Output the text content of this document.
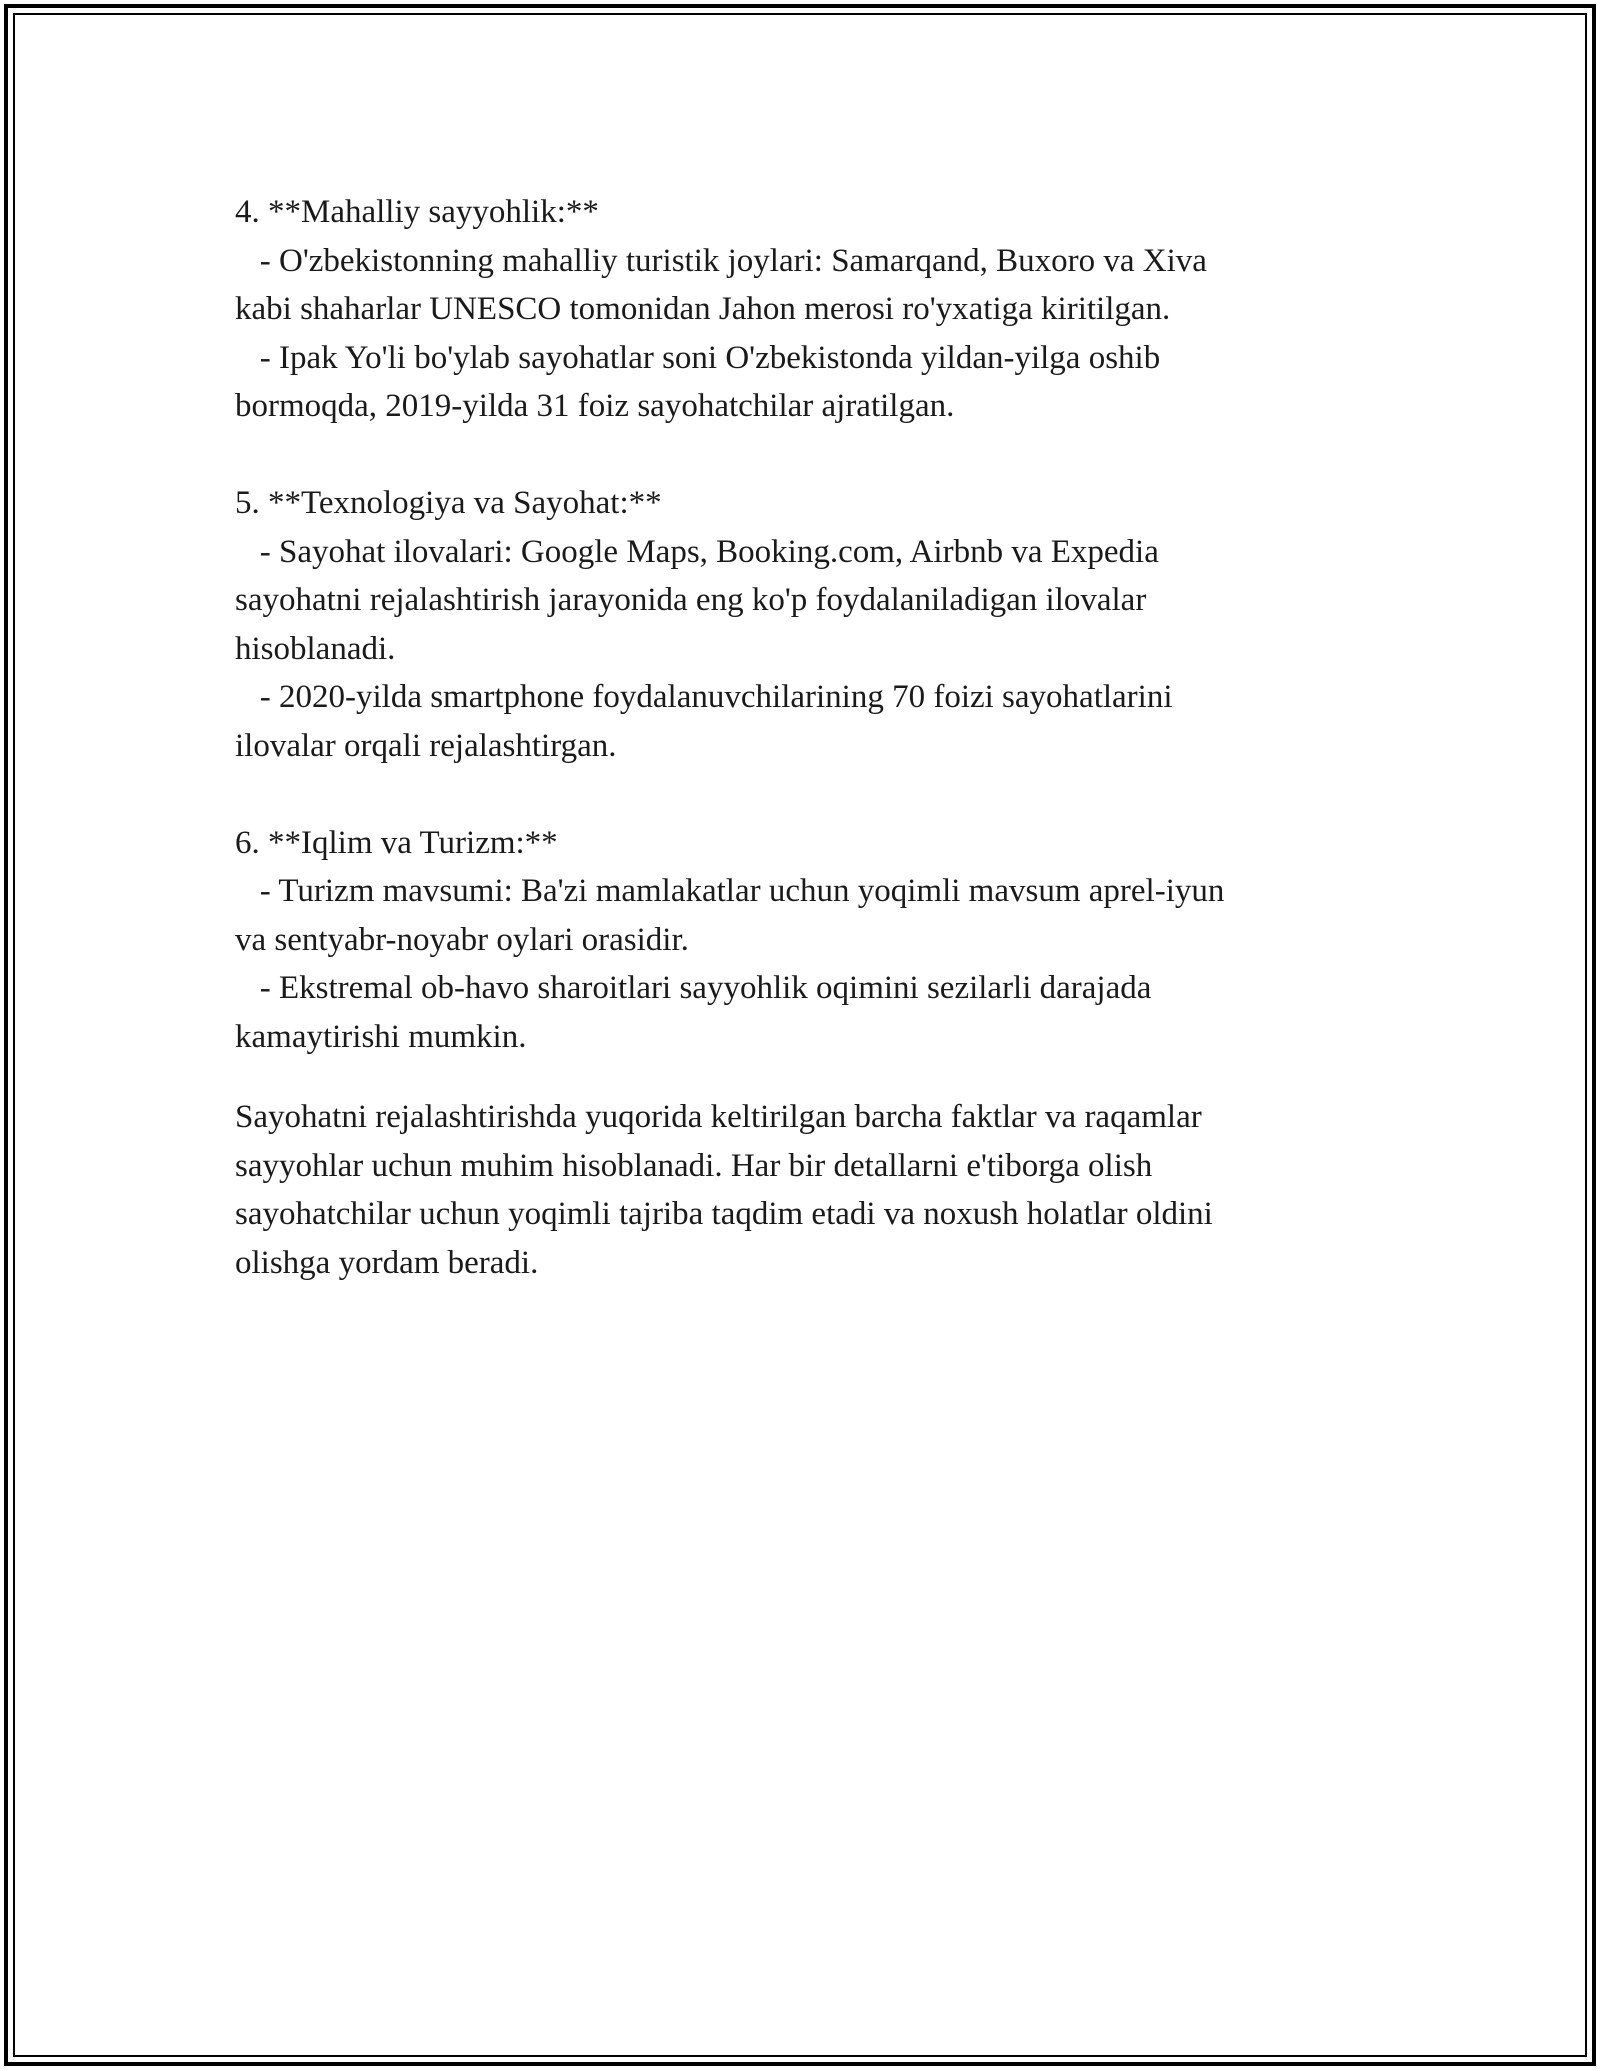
4. **Mahalliy sayyohlik:**
- O'zbekistonning mahalliy turistik joylari: Samarqand, Buxoro va Xiva
kabi shaharlar UNESCO tomonidan Jahon merosi ro'yxatiga kiritilgan.
- Ipak Yo'li bo'ylab sayohatlar soni O'zbekistonda yildan-yilga oshib
bormoqda, 2019-yilda 31 foiz sayohatchilar ajratilgan.
5. **Texnologiya va Sayohat:**
- Sayohat ilovalari: Google Maps, Booking.com, Airbnb va Expedia
sayohatni rejalashtirish jarayonida eng ko'p foydalaniladigan ilovalar
hisoblanadi.
- 2020-yilda smartphone foydalanuvchilarining 70 foizi sayohatlarini
ilovalar orqali rejalashtirgan.
6. **Iqlim va Turizm:**
- Turizm mavsumi: Ba'zi mamlakatlar uchun yoqimli mavsum aprel-iyun
va sentyabr-noyabr oylari orasidir.
- Ekstremal ob-havo sharoitlari sayyohlik oqimini sezilarli darajada
kamaytirishi mumkin.
Sayohatni rejalashtirishda yuqorida keltirilgan barcha faktlar va raqamlar
sayyohlar uchun muhim hisoblanadi. Har bir detallarni e'tiborga olish
sayohatchilar uchun yoqimli tajriba taqdim etadi va noxush holatlar oldini
olishga yordam beradi.
